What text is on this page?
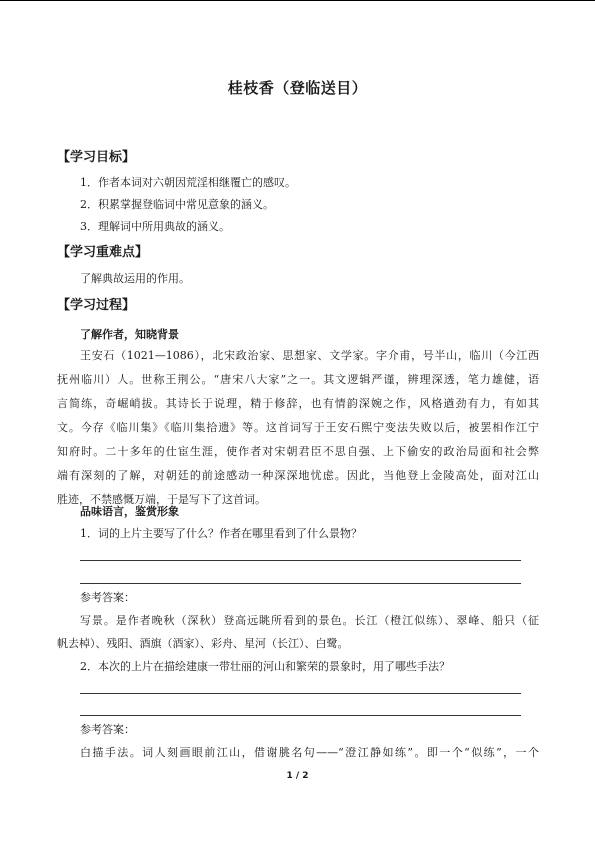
桂枝香（登临送目）
【学习目标】
1．作者本词对六朝因荒淫相继覆亡的感叹。
2．积累掌握登临词中常见意象的涵义。
3．理解词中所用典故的涵义。
【学习重难点】
了解典故运用的作用。
【学习过程】
了解作者，知晓背景
王安石（1021—1086），北宋政治家、思想家、文学家。字介甫，号半山，临川（今江西
抚州临川）人。世称王荆公。“唐宋八大家”之一。其文逻辑严谨，辨理深透，笔力雄健，语
言简练，奇崛峭拔。其诗长于说理，精于修辞，也有情韵深婉之作，风格遒劲有力，有如其
文。今存《临川集》《临川集拾遗》等。这首词写于王安石熙宁变法失败以后，被罢相作江宁
知府时。二十多年的仕宦生涯，使作者对宋朝君臣不思自强、上下偷安的政治局面和社会弊
端有深刻的了解，对朝廷的前途感动一种深深地忧虑。因此，当他登上金陵高处，面对江山
胜迹，不禁感慨万端，于是写下了这首词。
品味语言，鉴赏形象
1．词的上片主要写了什么？作者在哪里看到了什么景物？
参考答案：
写景。是作者晚秋（深秋）登高远眺所看到的景色。长江（橙江似练）、翠峰、船只（征
帆去棹）、残阳、酒旗（酒家）、彩舟、星河（长江）、白鹭。
2．本次的上片在描绘建康一带壮丽的河山和繁荣的景象时，用了哪些手法？
参考答案：
白描手法。词人刻画眼前江山，借谢朓名句——“澄江静如练”。即一个“似练”，一个
1 / 2
